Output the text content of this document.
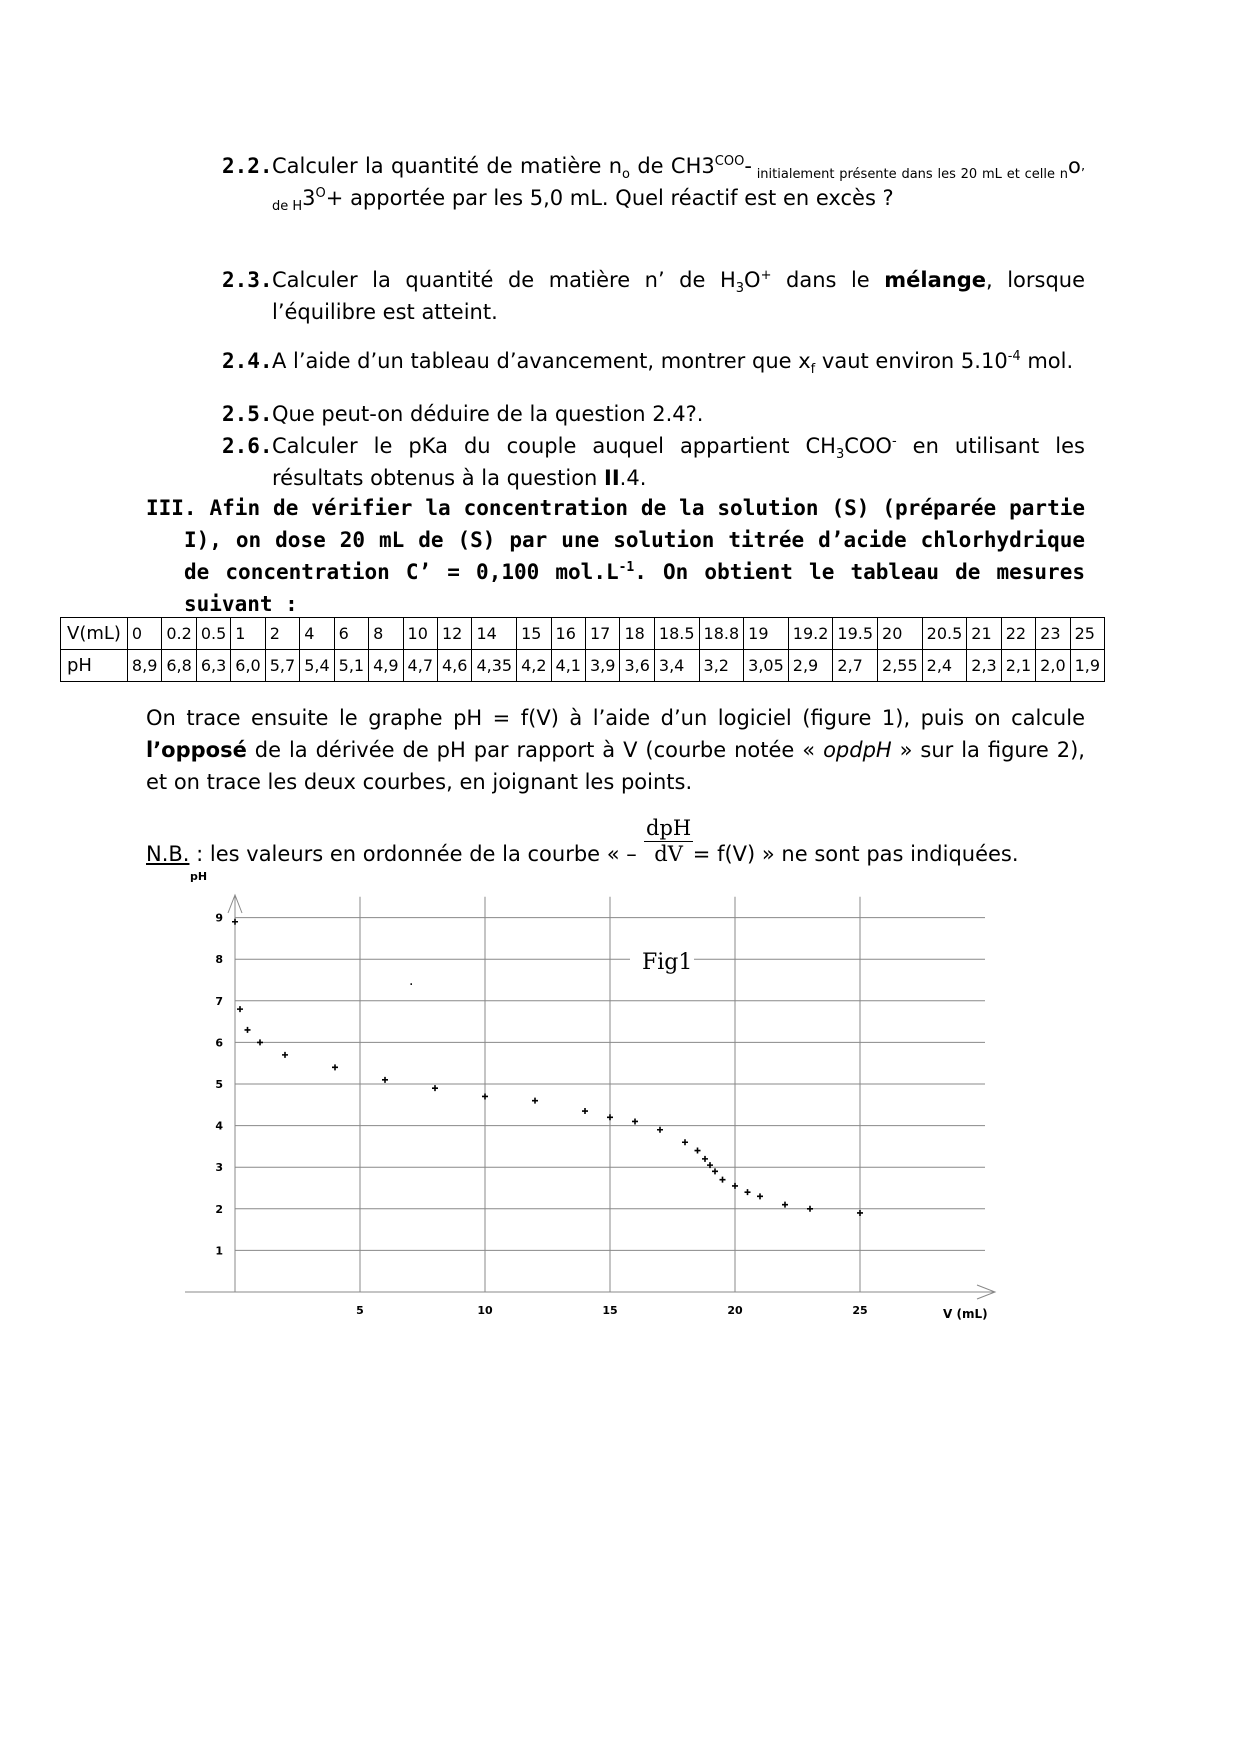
2.2. Calculer la quantité de matière $n_o$ de $CH3^{COO}-$ $_{initialement présente dans les 20 mL et celle n}o_{’ de H}3^O+$ apportée par les 5,0 mL. Quel réactif est en excès ?
2.3. Calculer la quantité de matière n’ de $H_3O^+$ dans le mélange, lorsque l’équilibre est atteint.
2.4. A l’aide d’un tableau d’avancement, montrer que $x_f$ vaut environ $5.10^{-4}$ mol.
2.5. Que peut-on déduire de la question 2.4?.
2.6. Calculer le pKa du couple auquel appartient $CH_3COO^-$ en utilisant les résultats obtenus à la question II.4.
III. Afin de vérifier la concentration de la solution (S) (préparée partie I), on dose 20 mL de (S) par une solution titrée d’acide chlorhydrique de concentration C’ = 0,100 $mol.L^{-1}$. On obtient le tableau de mesures suivant :
V(mL)	0	0.2	0.5	1	2	4	6	8	10	12	14	15	16	17	18	18.5	18.8	19	19.2	19.5	20	20.5	21	22	23	25
pH	8,9	6,8	6,3	6,0	5,7	5,4	5,1	4,9	4,7	4,6	4,35	4,2	4,1	3,9	3,6	3,4	3,2	3,05	2,9	2,7	2,55	2,4	2,3	2,1	2,0	1,9
On trace ensuite le graphe pH = f(V) à l’aide d’un logiciel (figure 1), puis on calcule l’opposé de la dérivée de pH par rapport à V (courbe notée « opdpH » sur la figure 2), et on trace les deux courbes, en joignant les points.
N.B. : les valeurs en ordonnée de la courbe « –	= f(V) » ne sont pas indiquées.
dpH
dV
1
2
3
4
5
6
7
8
9
5	10	15	20	25
pH
V (mL)
Fig1
.
